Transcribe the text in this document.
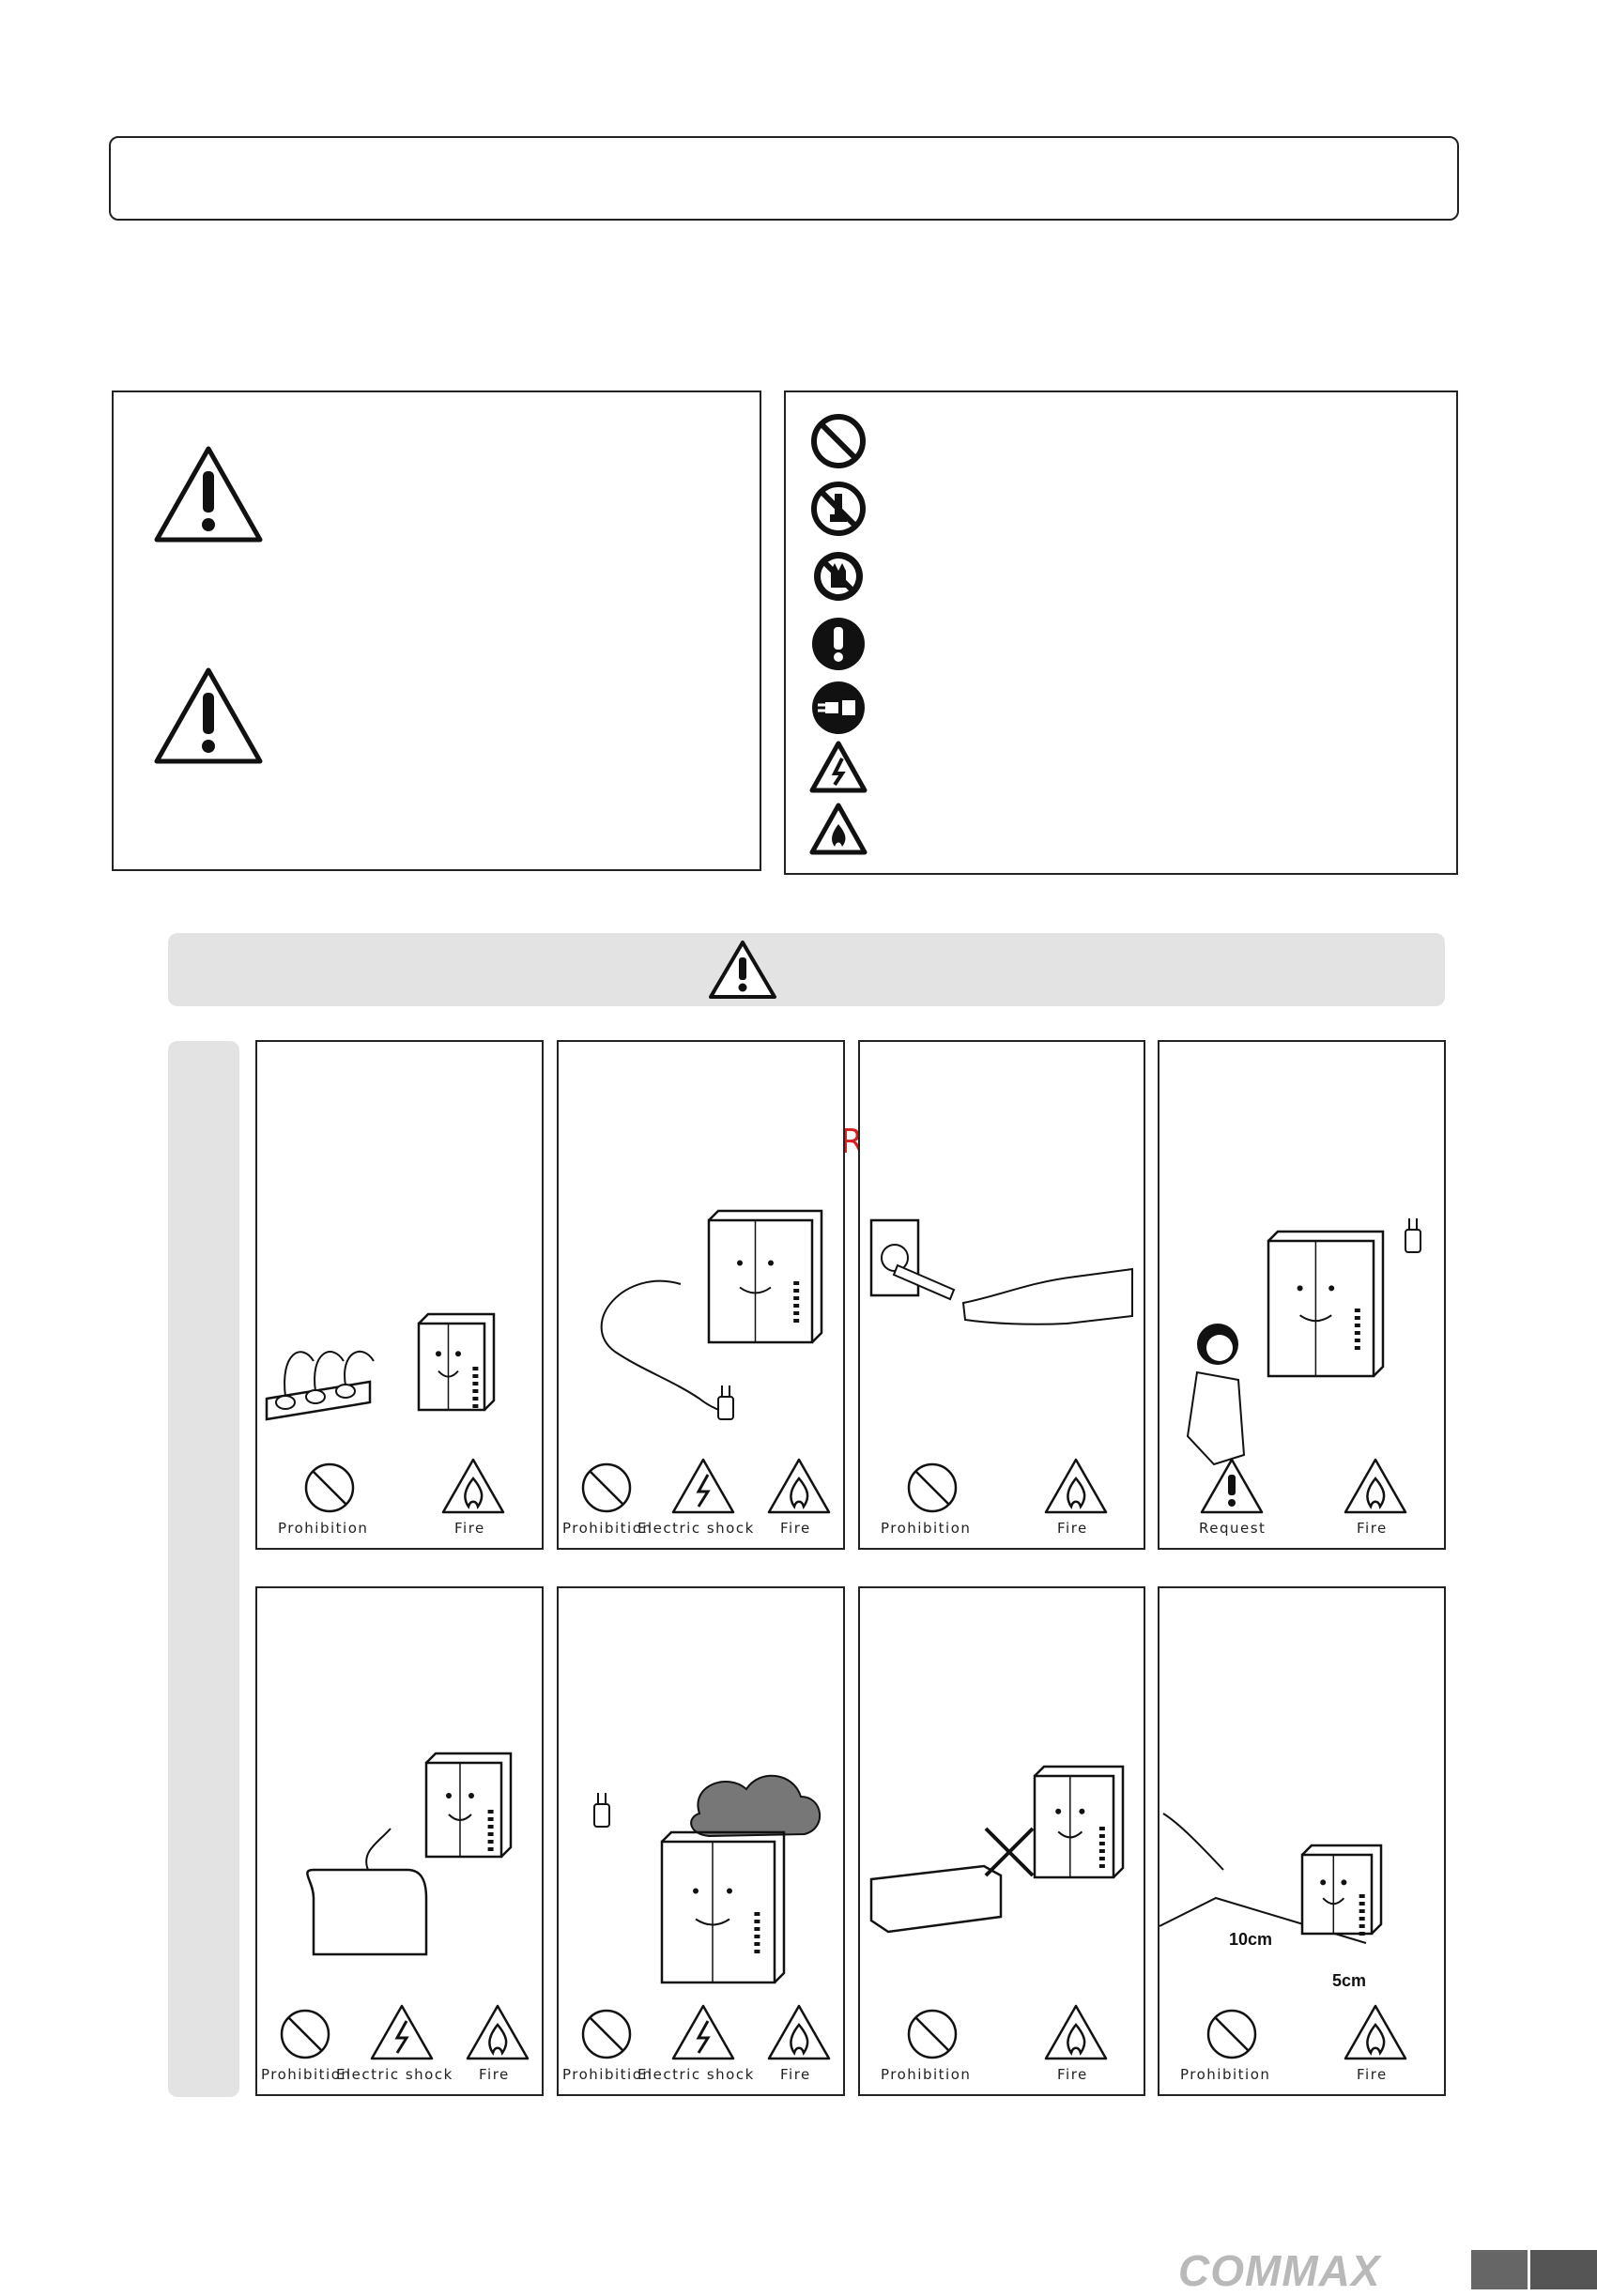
Prohibition	Fire	Prohibition
Electric shock Fire	Prohibition	Fire	Request	Fire
Prohibition
Electric shock Fire	Prohibition
Electric shock Fire	Prohibition	Fire	Prohibition	Fire
10cm
5cm
COMMAX
